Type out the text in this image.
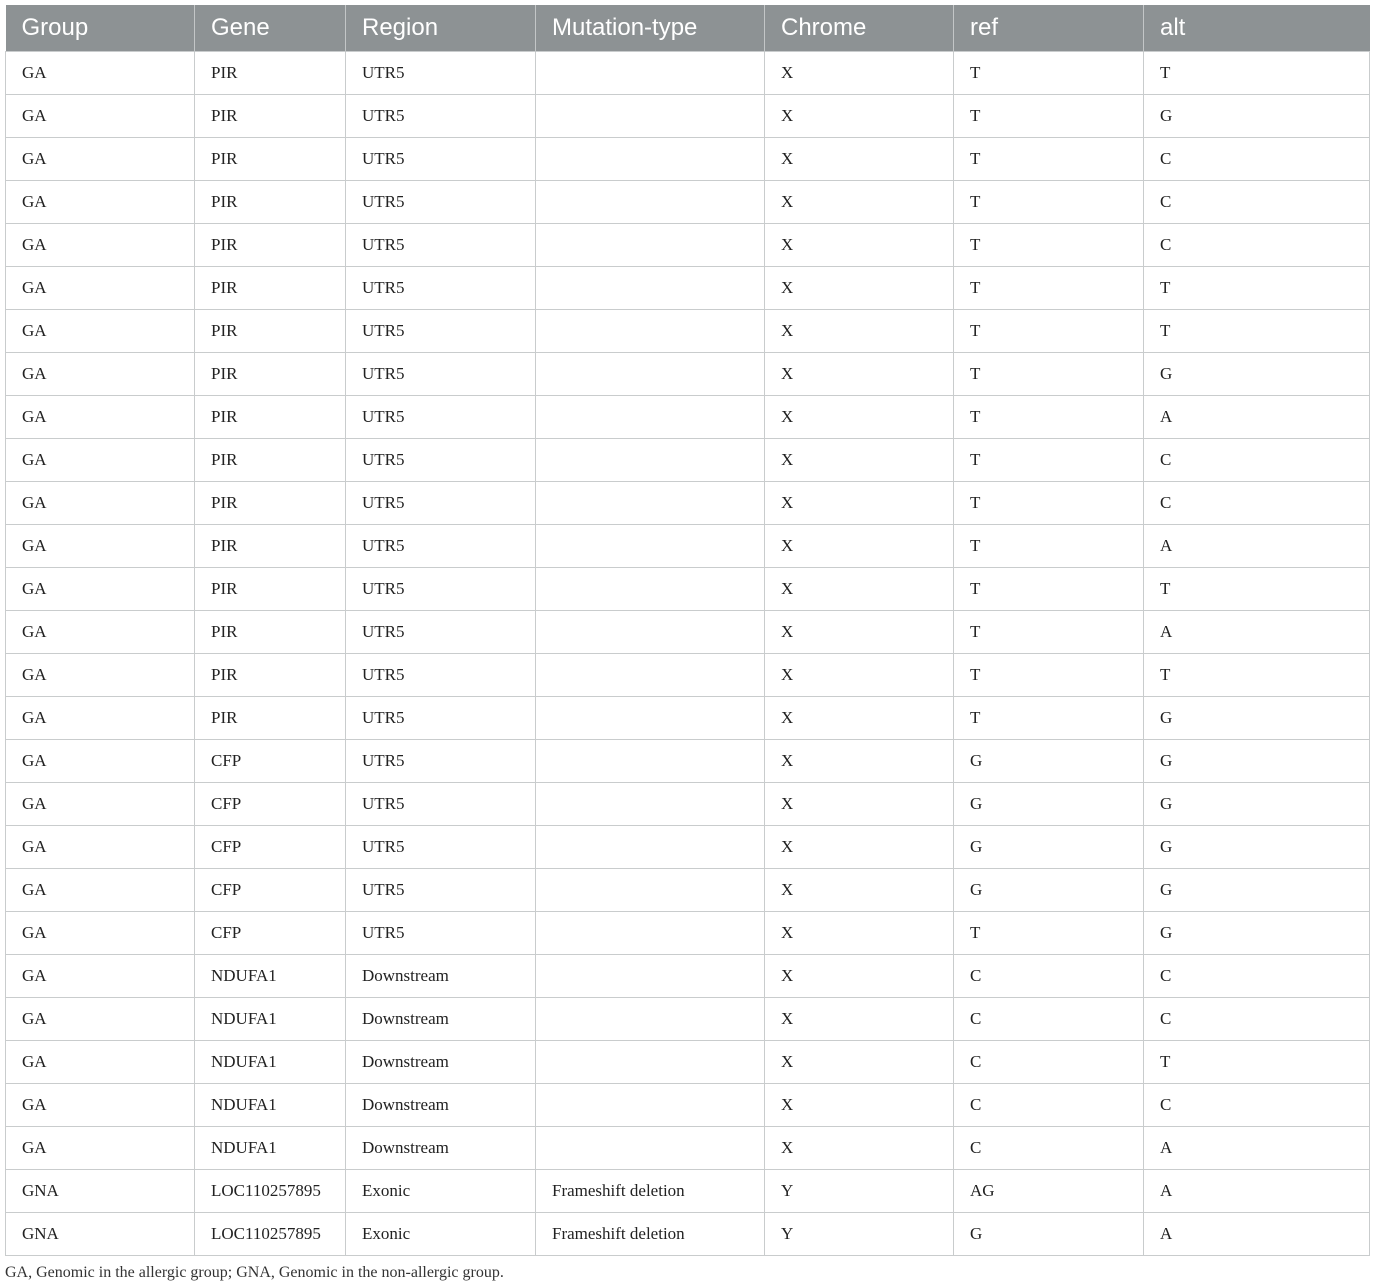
Group	Gene	Region	Mutation-type	Chrome	ref	alt
GA	PIR	UTR5		X	T	T
GA	PIR	UTR5		X	T	G
GA	PIR	UTR5		X	T	C
GA	PIR	UTR5		X	T	C
GA	PIR	UTR5		X	T	C
GA	PIR	UTR5		X	T	T
GA	PIR	UTR5		X	T	T
GA	PIR	UTR5		X	T	G
GA	PIR	UTR5		X	T	A
GA	PIR	UTR5		X	T	C
GA	PIR	UTR5		X	T	C
GA	PIR	UTR5		X	T	A
GA	PIR	UTR5		X	T	T
GA	PIR	UTR5		X	T	A
GA	PIR	UTR5		X	T	T
GA	PIR	UTR5		X	T	G
GA	CFP	UTR5		X	G	G
GA	CFP	UTR5		X	G	G
GA	CFP	UTR5		X	G	G
GA	CFP	UTR5		X	G	G
GA	CFP	UTR5		X	T	G
GA	NDUFA1	Downstream		X	C	C
GA	NDUFA1	Downstream		X	C	C
GA	NDUFA1	Downstream		X	C	T
GA	NDUFA1	Downstream		X	C	C
GA	NDUFA1	Downstream		X	C	A
GNA	LOC110257895	Exonic	Frameshift deletion	Y	AG	A
GNA	LOC110257895	Exonic	Frameshift deletion	Y	G	A
GA, Genomic in the allergic group; GNA, Genomic in the non-allergic group.
